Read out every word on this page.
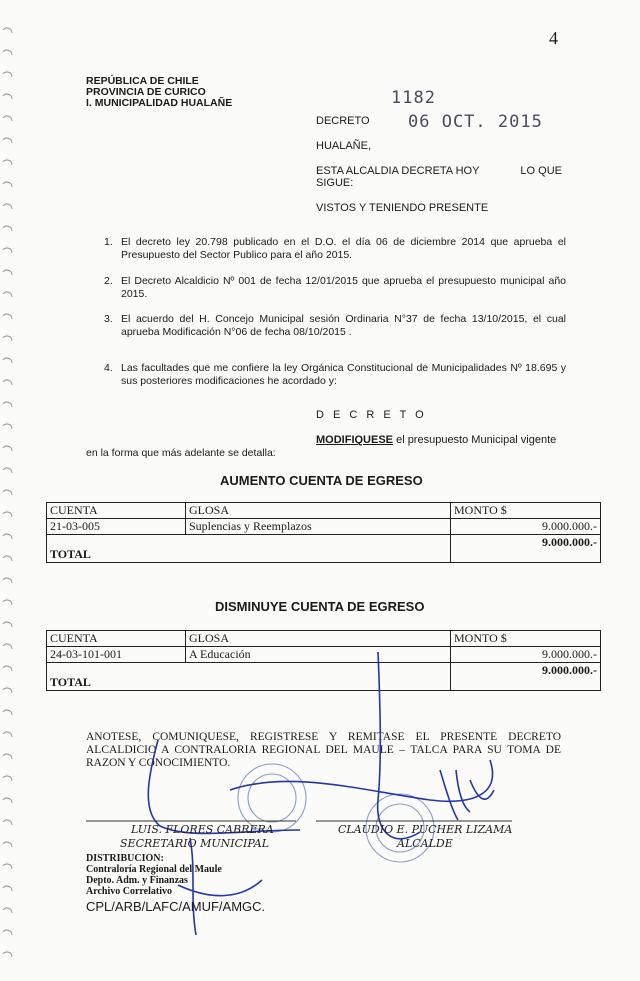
4
REPÚBLICA DE CHILE
PROVINCIA DE CURICO
I. MUNICIPALIDAD HUALAÑE	1182
06 OCT. 2015
DECRETO
HUALAÑE,
ESTA ALCALDIA DECRETA HOY	LO QUE
SIGUE:
VISTOS Y TENIENDO PRESENTE
1. El decreto ley 20.798 publicado en el D.O. el día 06 de diciembre 2014 que aprueba el Presupuesto del Sector Publico para el año 2015.
2. El Decreto Alcaldicio Nº 001 de fecha 12/01/2015 que aprueba el presupuesto municipal año 2015.
3. El acuerdo del H. Concejo Municipal sesión Ordinaria N°37 de fecha 13/10/2015, el cual aprueba Modificación N°06 de fecha 08/10/2015 .
4. Las facultades que me confiere la ley Orgánica Constitucional de Municipalidades Nº 18.695 y sus posteriores modificaciones he acordado y:
D E C R E T O
MODIFIQUESE el presupuesto Municipal vigente
en la forma que más adelante se detalla:
AUMENTO CUENTA DE EGRESO
CUENTA	GLOSA	MONTO $
21-03-005	Suplencias y Reemplazos	9.000.000.-
TOTAL		9.000.000.-
DISMINUYE CUENTA DE EGRESO
CUENTA	GLOSA	MONTO $
24-03-101-001	A Educación	9.000.000.-
TOTAL		9.000.000.-
ANOTESE, COMUNIQUESE, REGISTRESE Y REMITASE EL PRESENTE DECRETO ALCALDICIO A CONTRALORIA REGIONAL DEL MAULE – TALCA PARA SU TOMA DE RAZON Y CONOCIMIENTO.
LUIS. FLORES CABRERA
SECRETARIO MUNICIPAL
CLAUDIO E. PUCHER LIZAMA
ALCALDE
DISTRIBUCION:
Contraloría Regional del Maule
Depto. Adm. y Finanzas
Archivo Correlativo
CPL/ARB/LAFC/AMUF/AMGC.
